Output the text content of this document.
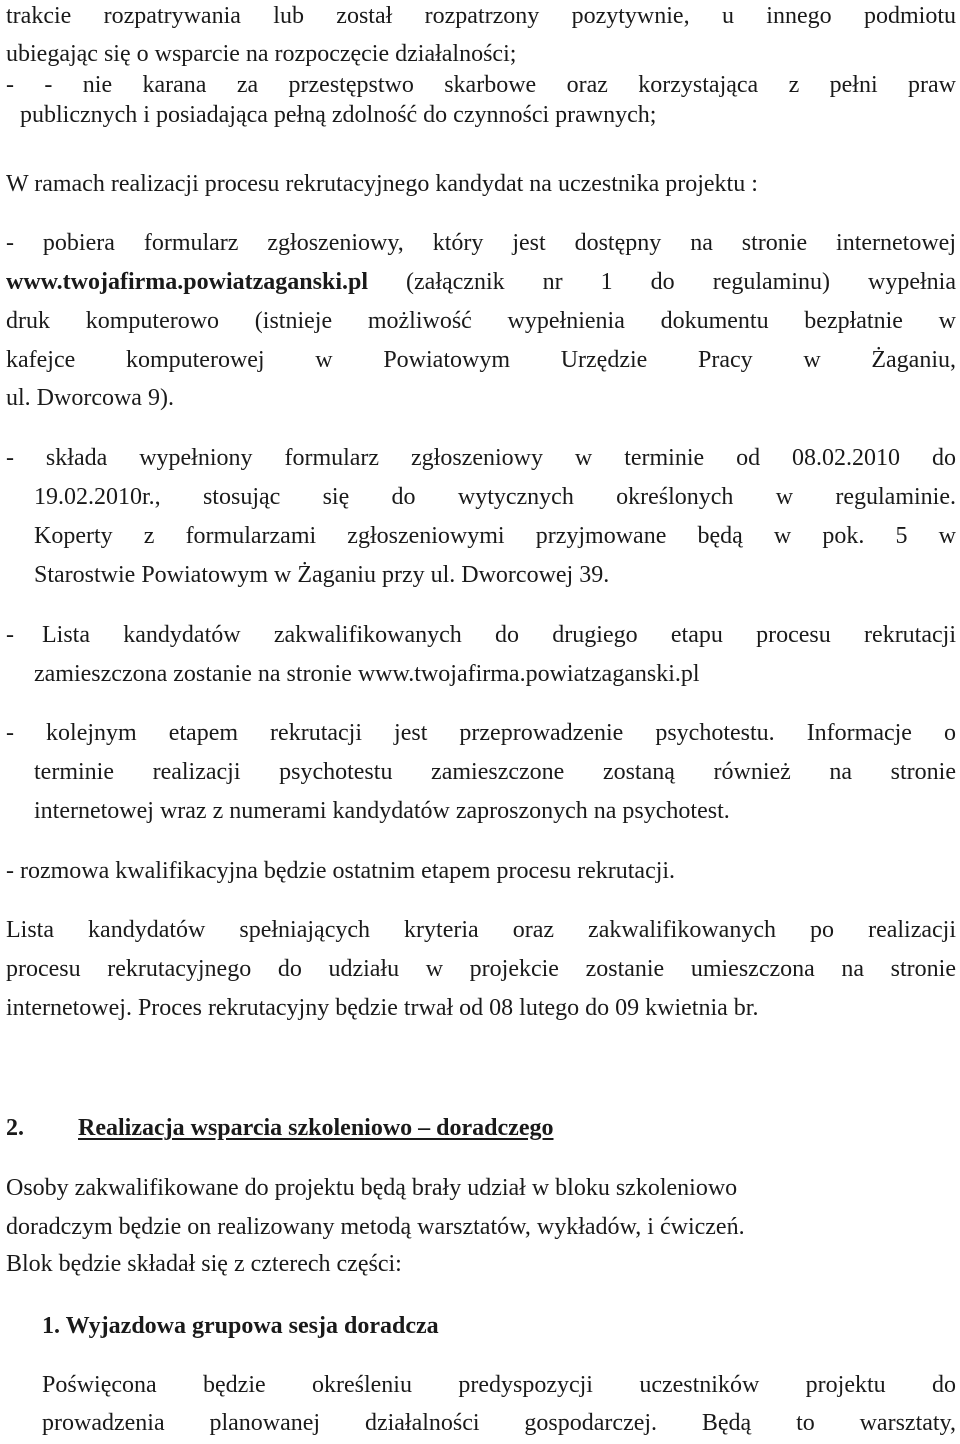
trakcie rozpatrywania lub został rozpatrzony pozytywnie, u innego podmiotu
ubiegając się o wsparcie na rozpoczęcie działalności;
- - nie karana za przestępstwo skarbowe oraz korzystająca z pełni praw
publicznych i posiadająca pełną zdolność do czynności prawnych;
W ramach realizacji procesu rekrutacyjnego kandydat na uczestnika projektu :
- pobiera formularz zgłoszeniowy, który jest dostępny na stronie internetowej
www.twojafirma.powiatzaganski.pl (załącznik nr 1 do regulaminu) wypełnia
druk komputerowo (istnieje możliwość wypełnienia dokumentu bezpłatnie w
kafejce komputerowej w Powiatowym Urzędzie Pracy w Żaganiu,
ul. Dworcowa 9).
- składa wypełniony formularz zgłoszeniowy w terminie od 08.02.2010 do
19.02.2010r., stosując się do wytycznych określonych w regulaminie.
Koperty z formularzami zgłoszeniowymi przyjmowane będą w pok. 5 w
Starostwie Powiatowym w Żaganiu przy ul. Dworcowej 39.
- Lista kandydatów zakwalifikowanych do drugiego etapu procesu rekrutacji
zamieszczona zostanie na stronie www.twojafirma.powiatzaganski.pl
- kolejnym etapem rekrutacji jest przeprowadzenie psychotestu. Informacje o
terminie realizacji psychotestu zamieszczone zostaną również na stronie
internetowej wraz z numerami kandydatów zaproszonych na psychotest.
- rozmowa kwalifikacyjna będzie ostatnim etapem procesu rekrutacji.
Lista kandydatów spełniających kryteria oraz zakwalifikowanych po realizacji
procesu rekrutacyjnego do udziału w projekcie zostanie umieszczona na stronie
internetowej. Proces rekrutacyjny będzie trwał od 08 lutego do 09 kwietnia br.
2. Realizacja wsparcia szkoleniowo – doradczego
Osoby zakwalifikowane do projektu będą brały udział w bloku szkoleniowo
doradczym będzie on realizowany metodą warsztatów, wykładów, i ćwiczeń.
Blok będzie składał się z czterech części:
1. Wyjazdowa grupowa sesja doradcza
Poświęcona będzie określeniu predyspozycji uczestników projektu do
prowadzenia planowanej działalności gospodarczej. Będą to warsztaty,
